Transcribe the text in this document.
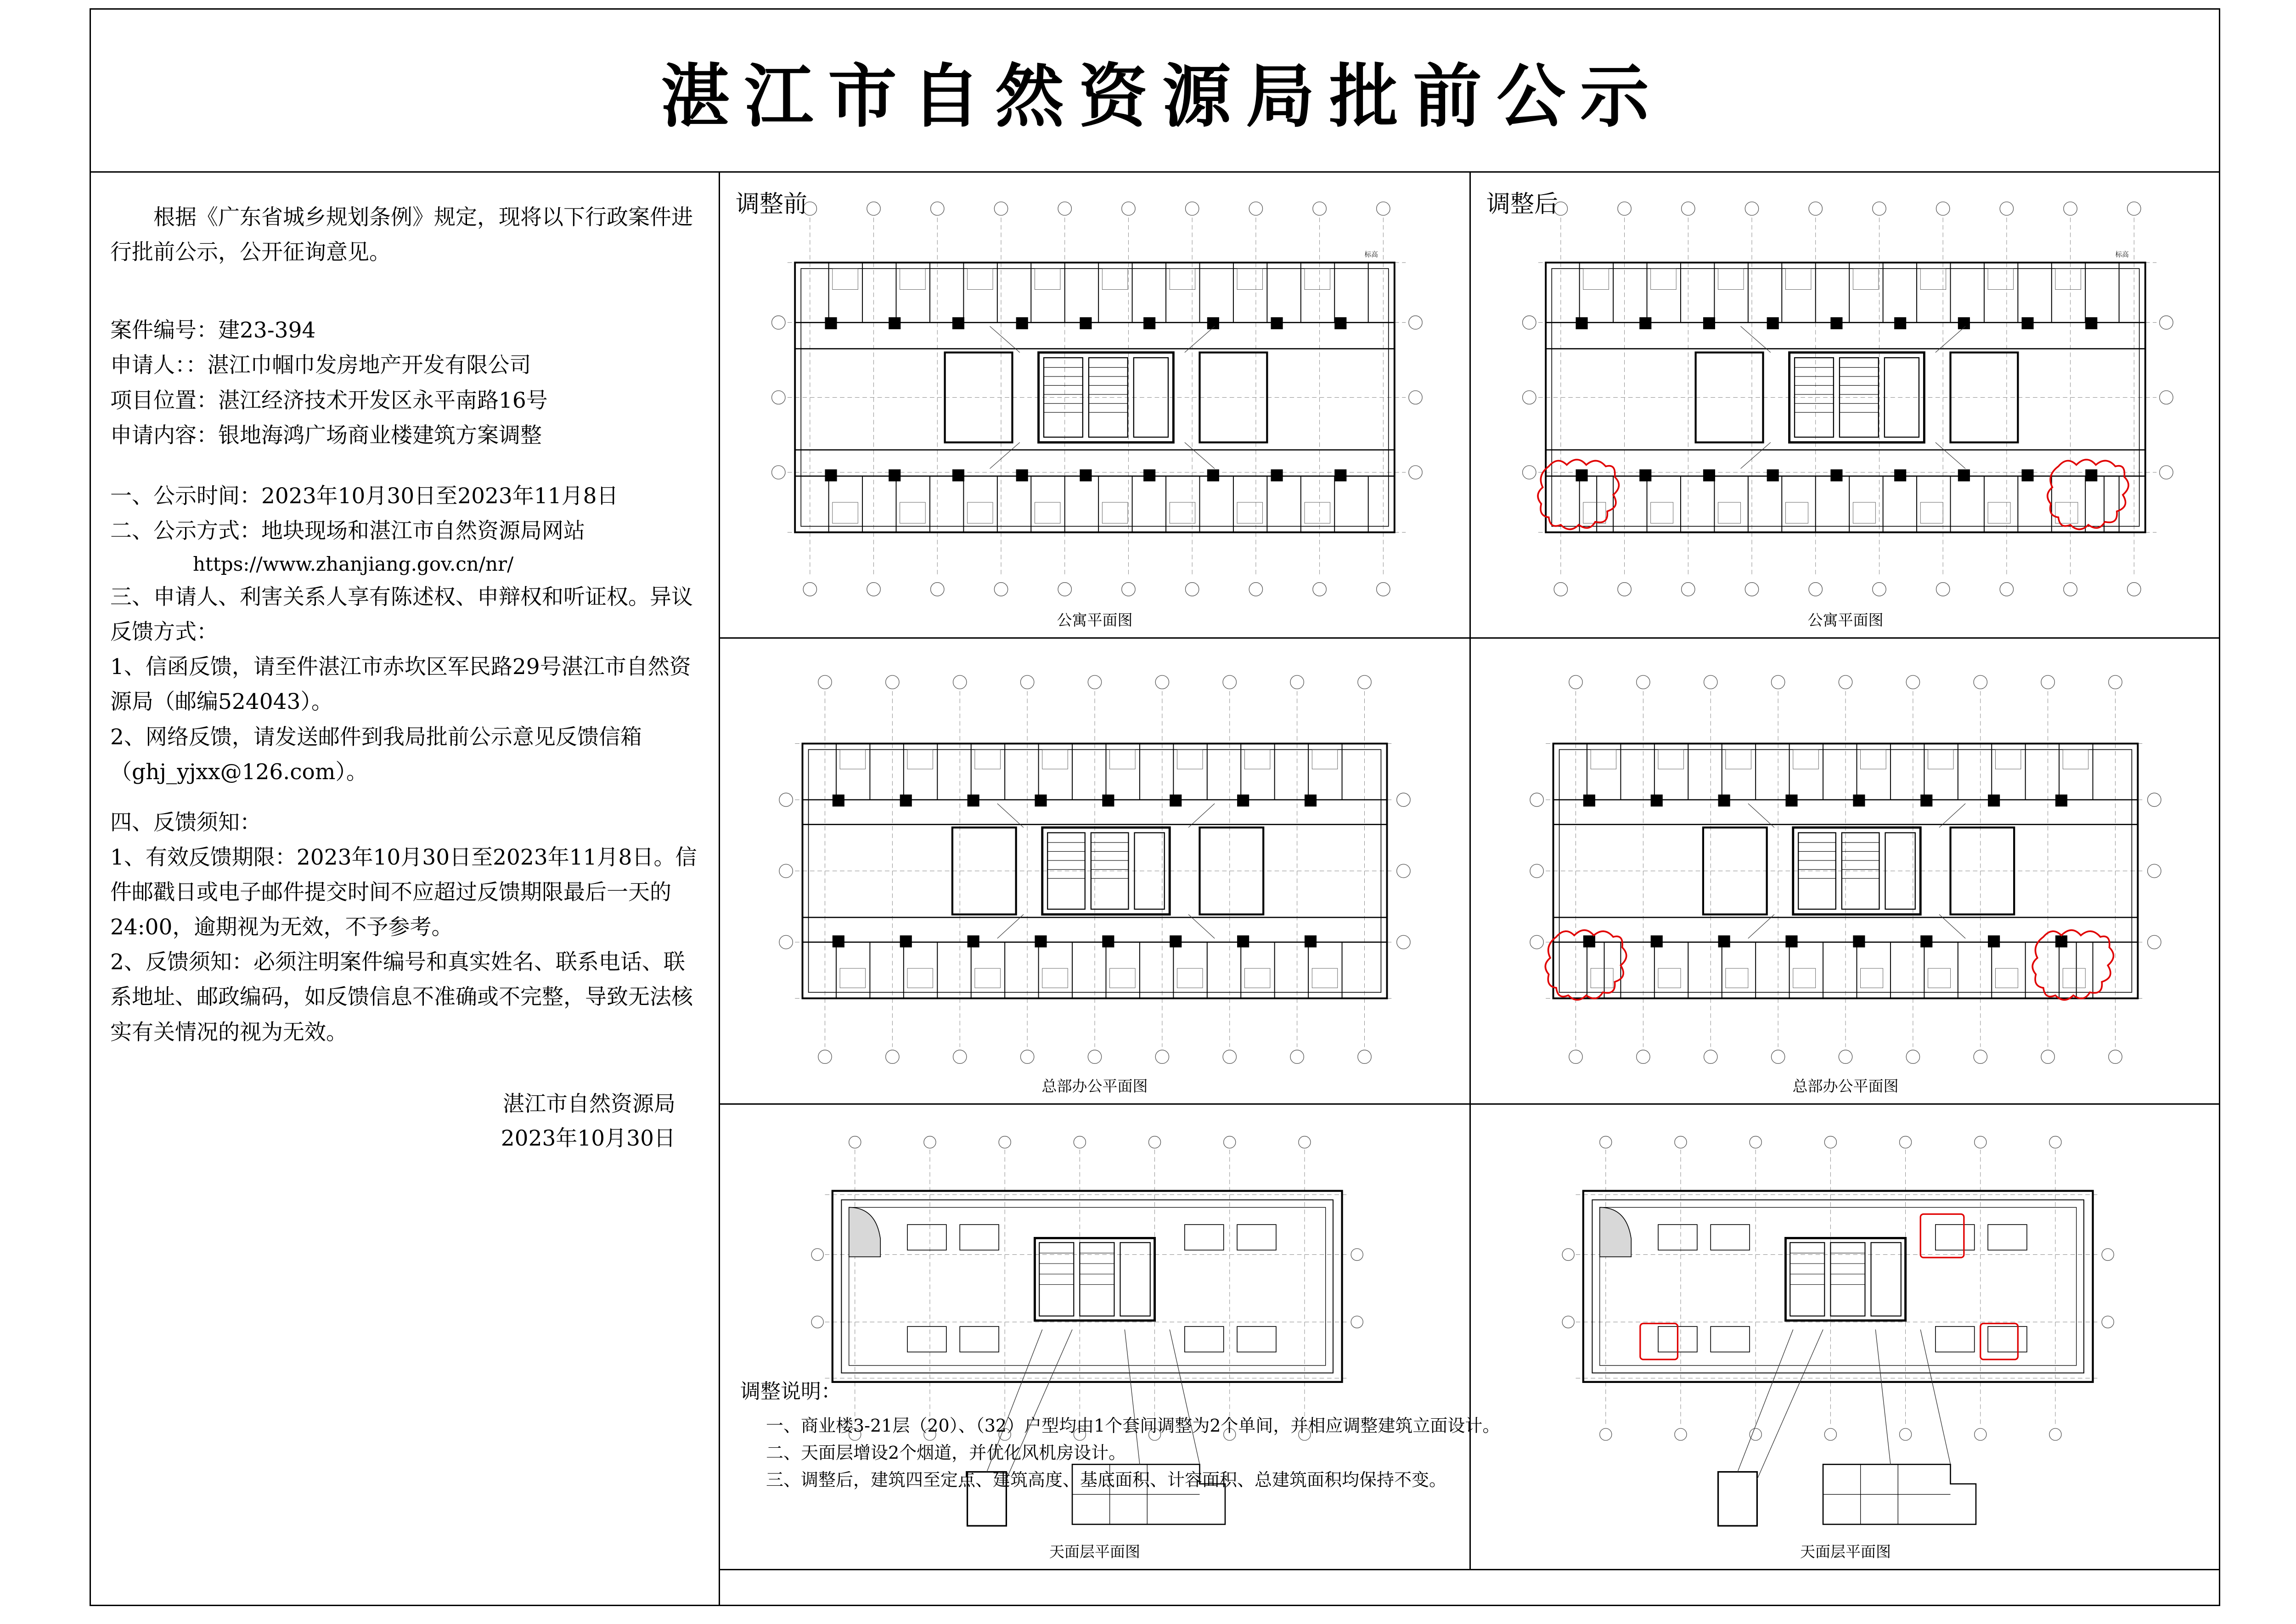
湛江市自然资源局批前公示

根据《广东省城乡规划条例》规定，现将以下行政案件进行批前公示，公开征询意见。

案件编号：建23-394

申请人：：湛江巾帼巾发房地产开发有限公司

项目位置：湛江经济技术开发区永平南路16号

申请内容：银地海鸿广场商业楼建筑方案调整

一、公示时间：2023年10月30日至2023年11月8日

二、公示方式：地块现场和湛江市自然资源局网站

https://www.zhanjiang.gov.cn/nr/

三、申请人、利害关系人享有陈述权、申辩权和听证权。异议反馈方式：

1、信函反馈，请至件湛江市赤坎区军民路29号湛江市自然资源局（邮编524043）。

2、网络反馈，请发送邮件到我局批前公示意见反馈信箱（ghj_yjxx@126.com）。

四、反馈须知：

1、有效反馈期限：2023年10月30日至2023年11月8日。信件邮戳日或电子邮件提交时间不应超过反馈期限最后一天的24:00，逾期视为无效，不予参考。

2、反馈须知：必须注明案件编号和真实姓名、联系电话、联系地址、邮政编码，如反馈信息不准确或不完整，导致无法核实有关情况的视为无效。

湛江市自然资源局
2023年10月30日
调整前
标高
公寓平面图
调整后
标高
公寓平面图
总部办公平面图	总部办公平面图
天面层平面图	天面层平面图
调整说明：
一、商业楼3-21层（20）、（32）户型均由1个套间调整为2个单间，并相应调整建筑立面设计。
二、天面层增设2个烟道，并优化风机房设计。
三、调整后，建筑四至定点、建筑高度、基底面积、计容面积、总建筑面积均保持不变。
